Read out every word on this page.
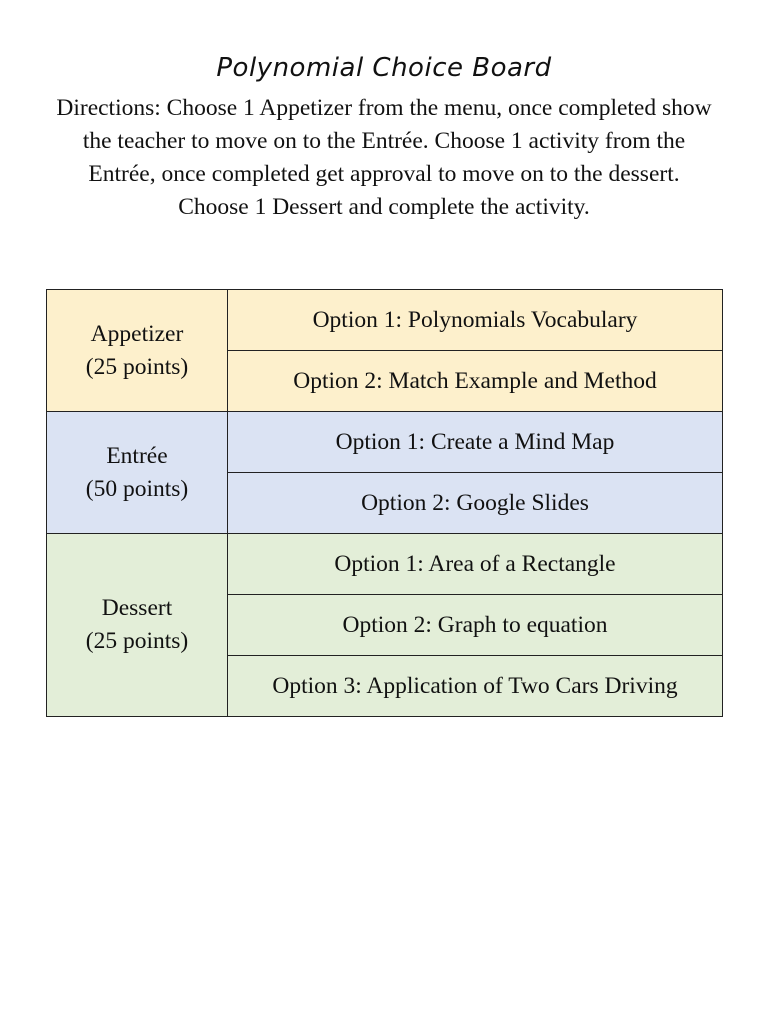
Polynomial Choice Board
Directions: Choose 1 Appetizer from the menu, once completed show the teacher to move on to the Entrée. Choose 1 activity from the Entrée, once completed get approval to move on to the dessert. Choose 1 Dessert and complete the activity.
Appetizer
(25 points)	Option 1: Polynomials Vocabulary
	Option 2: Match Example and Method

Entrée
(50 points)	Option 1: Create a Mind Map
	Option 2: Google Slides

Dessert
(25 points)	Option 1: Area of a Rectangle
	Option 2: Graph to equation
	Option 3: Application of Two Cars Driving
